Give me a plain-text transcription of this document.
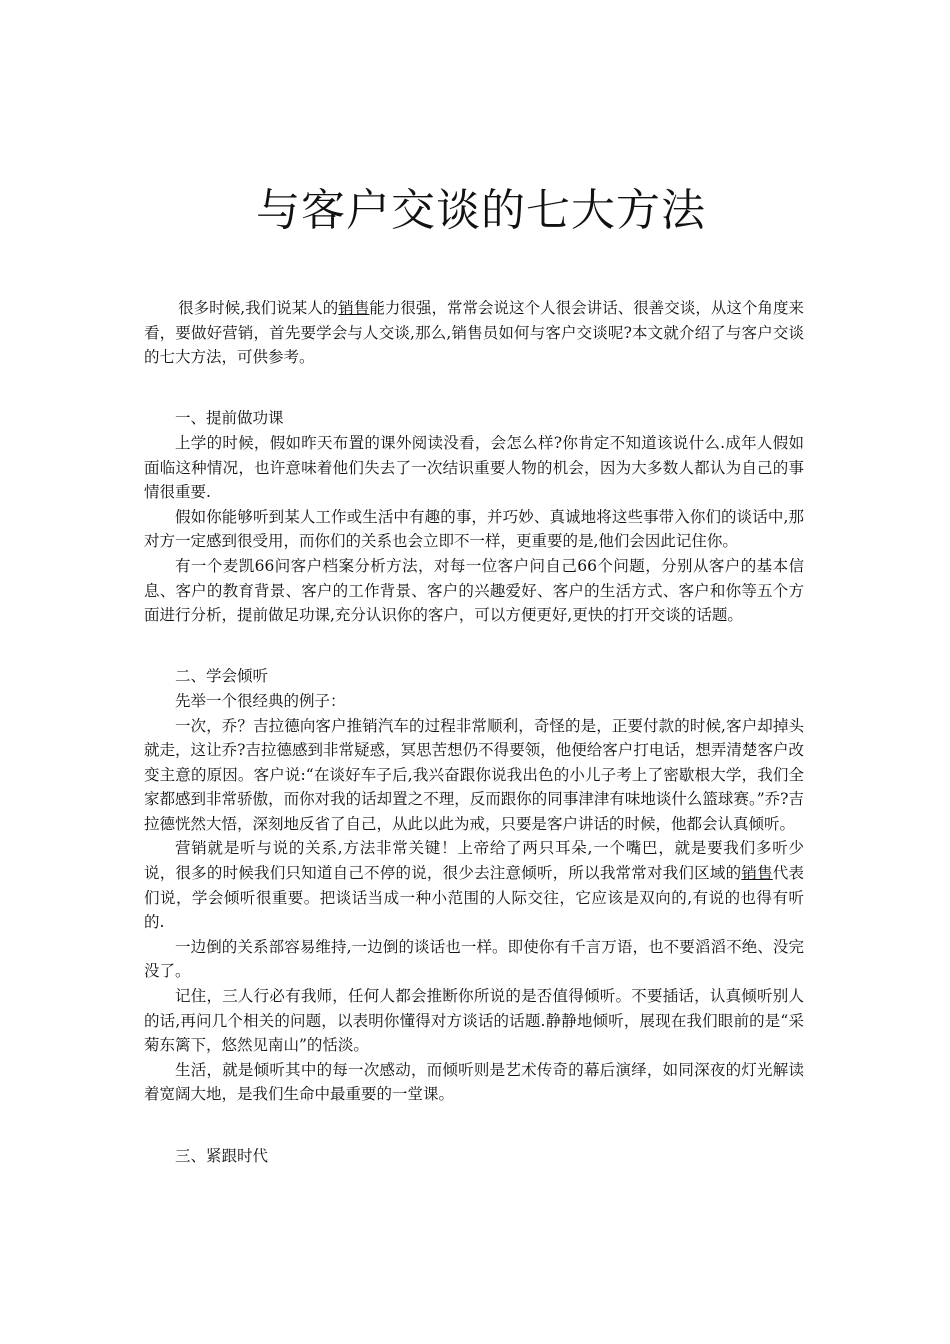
与客户交谈的七大方法

很多时候,我们说某人的销售能力很强，常常会说这个人很会讲话、很善交谈，从这个角度来看，要做好营销，首先要学会与人交谈,那么,销售员如何与客户交谈呢?本文就介绍了与客户交谈的七大方法，可供参考。

一、提前做功课

上学的时候，假如昨天布置的课外阅读没看，会怎么样?你肯定不知道该说什么.成年人假如面临这种情况，也许意味着他们失去了一次结识重要人物的机会，因为大多数人都认为自己的事情很重要.

假如你能够听到某人工作或生活中有趣的事，并巧妙、真诚地将这些事带入你们的谈话中,那对方一定感到很受用，而你们的关系也会立即不一样，更重要的是,他们会因此记住你。

有一个麦凯66问客户档案分析方法，对每一位客户问自己66个问题，分别从客户的基本信息、客户的教育背景、客户的工作背景、客户的兴趣爱好、客户的生活方式、客户和你等五个方面进行分析，提前做足功课,充分认识你的客户，可以方便更好,更快的打开交谈的话题。

二、学会倾听

先举一个很经典的例子：

一次，乔？吉拉德向客户推销汽车的过程非常顺利，奇怪的是，正要付款的时候,客户却掉头就走，这让乔?吉拉德感到非常疑惑，冥思苦想仍不得要领，他便给客户打电话，想弄清楚客户改变主意的原因。客户说:“在谈好车子后,我兴奋跟你说我出色的小儿子考上了密歇根大学，我们全家都感到非常骄傲，而你对我的话却置之不理，反而跟你的同事津津有味地谈什么篮球赛。”乔?吉拉德恍然大悟，深刻地反省了自己，从此以此为戒，只要是客户讲话的时候，他都会认真倾听。

营销就是听与说的关系,方法非常关键！上帝给了两只耳朵,一个嘴巴，就是要我们多听少说，很多的时候我们只知道自己不停的说，很少去注意倾听，所以我常常对我们区域的销售代表们说，学会倾听很重要。把谈话当成一种小范围的人际交往，它应该是双向的,有说的也得有听的.

一边倒的关系部容易维持,一边倒的谈话也一样。即使你有千言万语，也不要滔滔不绝、没完没了。

记住，三人行必有我师，任何人都会推断你所说的是否值得倾听。不要插话，认真倾听别人的话,再问几个相关的问题，以表明你懂得对方谈话的话题.静静地倾听，展现在我们眼前的是“采菊东篱下，悠然见南山”的恬淡。

生活，就是倾听其中的每一次感动，而倾听则是艺术传奇的幕后演绎，如同深夜的灯光解读着宽阔大地，是我们生命中最重要的一堂课。

三、紧跟时代
